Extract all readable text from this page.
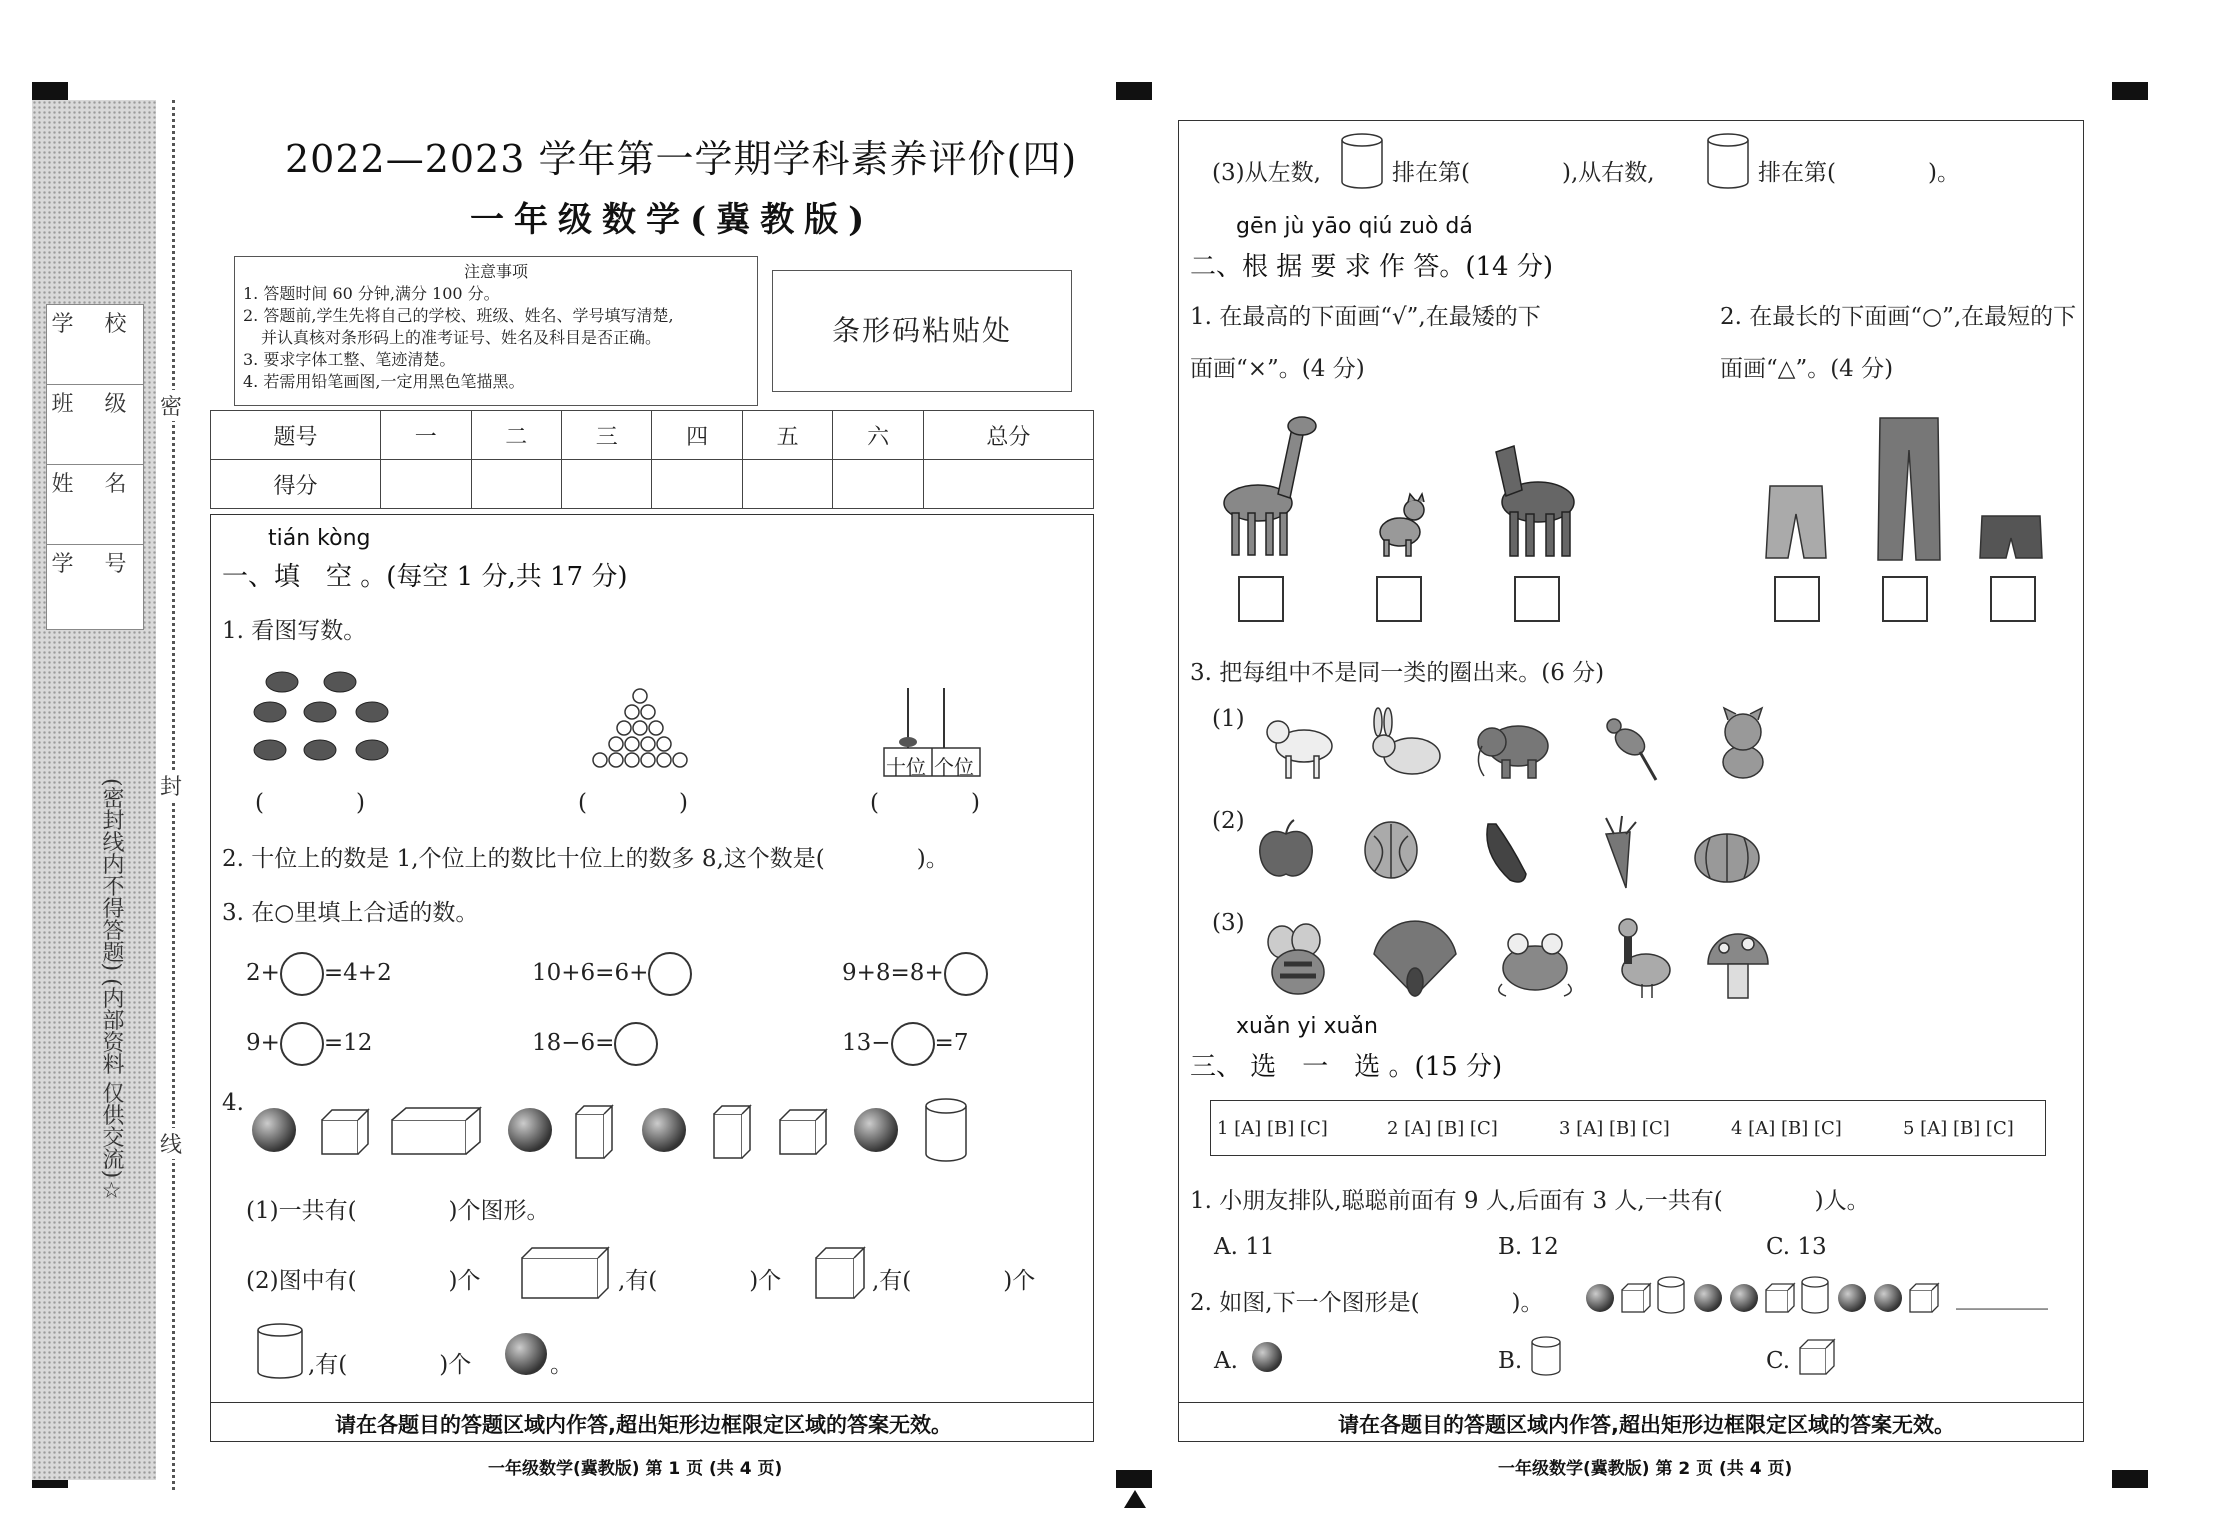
学 校
班 级
姓 名
学 号
密
封
线
(密封线内不得答题) (内部资料 仅供交流)☆
2022—2023 学年第一学期学科素养评价(四)
一年级数学(冀教版)
注意事项
1. 答题时间 60 分钟,满分 100 分。
2. 答题前,学生先将自己的学校、班级、姓名、学号填写清楚,
并认真核对条形码上的准考证号、姓名及科目是否正确。
3. 要求字体工整、笔迹清楚。
4. 若需用铅笔画图,一定用黑色笔描黑。
条形码粘贴处
题号	一	二	三	四	五	六	总分
得分							
请在各题目的答题区域内作答,超出矩形边框限定区域的答案无效。
一年级数学(冀教版) 第 1 页 (共 4 页)
tián kòng
一、填　空 。(每空 1 分,共 17 分)
1. 看图写数。
(　　　　)	(　　　　)
十位 个位
(　　　　)
2. 十位上的数是 1,个位上的数比十位上的数多 8,这个数是(　　　　)。
3. 在○里填上合适的数。
2+ =4+2	10+6=6+	9+8=8+
9+ =12	18−6=	13− =7
4.
(1)一共有(　　　　)个图形。
(2)图中有(　　　　)个	,有(　　　　)个	,有(　　　　)个
,有(　　　　)个	。
请在各题目的答题区域内作答,超出矩形边框限定区域的答案无效。
一年级数学(冀教版) 第 2 页 (共 4 页)
(3)从左数,	排在第(　　　　),从右数,	排在第(　　　　)。
gēn jù yāo qiú zuò dá
二、根 据 要 求 作 答。(14 分)
1. 在最高的下面画“√”,在最矮的下
面画“×”。(4 分)
2. 在最长的下面画“○”,在最短的下
面画“△”。(4 分)
3. 把每组中不是同一类的圈出来。(6 分)
(1)
(2)
(3)
xuǎn yi xuǎn
三、 选　一　选 。(15 分)
1 [A] [B] [C]	2 [A] [B] [C]	3 [A] [B] [C]	4 [A] [B] [C]	5 [A] [B] [C]
1. 小朋友排队,聪聪前面有 9 人,后面有 3 人,一共有(　　　　)人。
A. 11	B. 12	C. 13
2. 如图,下一个图形是(　　　　)。	________
A.	B.	C.
